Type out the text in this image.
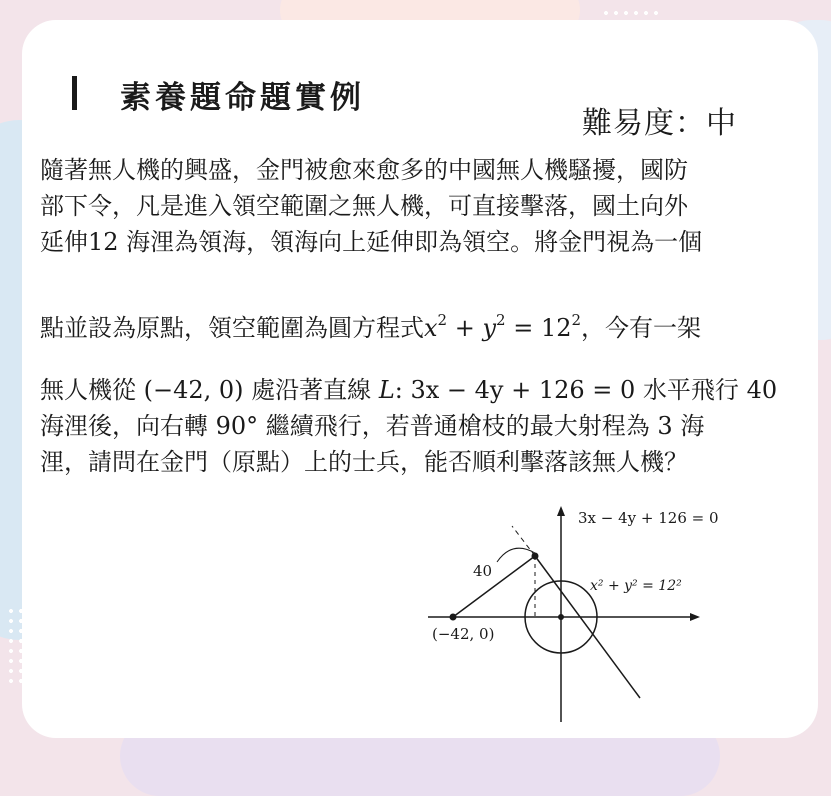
素養題命題實例
難易度：中
隨著無人機的興盛，金門被愈來愈多的中國無人機騷擾，國防
部下令，凡是進入領空範圍之無人機，可直接擊落，國土向外
延伸12 海浬為領海，領海向上延伸即為領空。將金門視為一個
點並設為原點，領空範圍為圓方程式$x^2 + y^2 = 12^2$，今有一架
無人機從 (−42, 0) 處沿著直線 L: 3x − 4y + 126 = 0 水平飛行 40
海浬後，向右轉 90° 繼續飛行，若普通槍枝的最大射程為 3 海
浬，請問在金門（原點）上的士兵，能否順利擊落該無人機？
3x − 4y + 126 = 0
x² + y² = 12²
40
(−42, 0)
